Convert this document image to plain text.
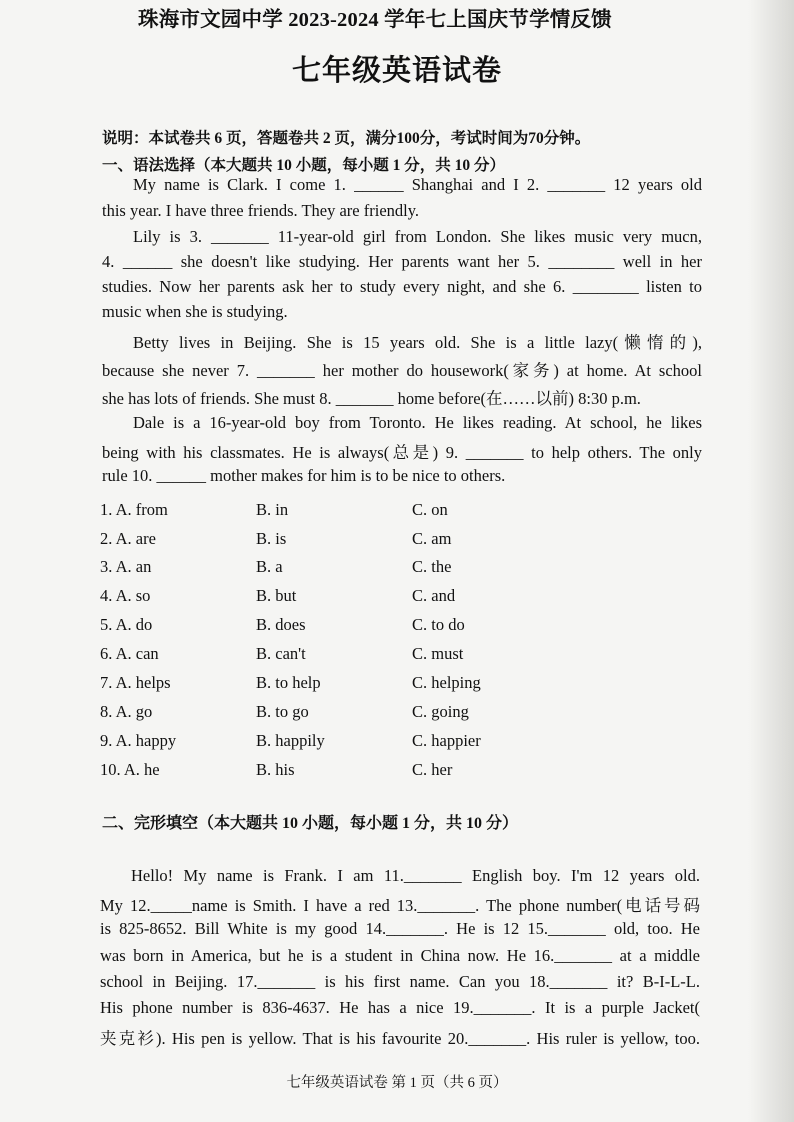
珠海市文园中学 2023-2024 学年七上国庆节学情反馈
七年级英语试卷
说明：本试卷共 6 页，答题卷共 2 页，满分100分，考试时间为70分钟。
一、语法选择（本大题共 10 小题，每小题 1 分，共 10 分）
My name is Clark. I come 1. ______ Shanghai and I 2. _______ 12 years old
this year. I have three friends. They are friendly.
Lily is 3. _______ 11-year-old girl from London. She likes music very mucn,
4. ______ she doesn't like studying. Her parents want her 5. ________ well in her
studies. Now her parents ask her to study every night, and she 6. ________ listen to
music when she is studying.
Betty lives in Beijing. She is 15 years old. She is a little lazy(懒惰的),
because she never 7. _______ her mother do housework(家务) at home. At school
she has lots of friends. She must 8. _______ home before(在……以前) 8:30 p.m.
Dale is a 16-year-old boy from Toronto. He likes reading. At school, he likes
being with his classmates. He is always(总是) 9. _______ to help others. The only
rule 10. ______ mother makes for him is to be nice to others.
1. A. from	B. in	C. on
2. A. are	B. is	C. am
3. A. an	B. a	C. the
4. A. so	B. but	C. and
5. A. do	B. does	C. to do
6. A. can	B. can't	C. must
7. A. helps	B. to help	C. helping
8. A. go	B. to go	C. going
9. A. happy	B. happily	C. happier
10. A. he	B. his	C. her
二、完形填空（本大题共 10 小题，每小题 1 分，共 10 分）
Hello! My name is Frank. I am 11._______ English boy. I'm 12 years old.
My 12._____name is Smith. I have a red 13._______. The phone number(电话号码
is 825-8652. Bill White is my good 14._______. He is 12 15._______ old, too. He
was born in America, but he is a student in China now. He 16._______ at a middle
school in Beijing. 17._______ is his first name. Can you 18._______ it? B-I-L-L.
His phone number is 836-4637. He has a nice 19._______. It is a purple Jacket(
夹克衫). His pen is yellow. That is his favourite 20._______. His ruler is yellow, too.
七年级英语试卷 第 1 页（共 6 页）
